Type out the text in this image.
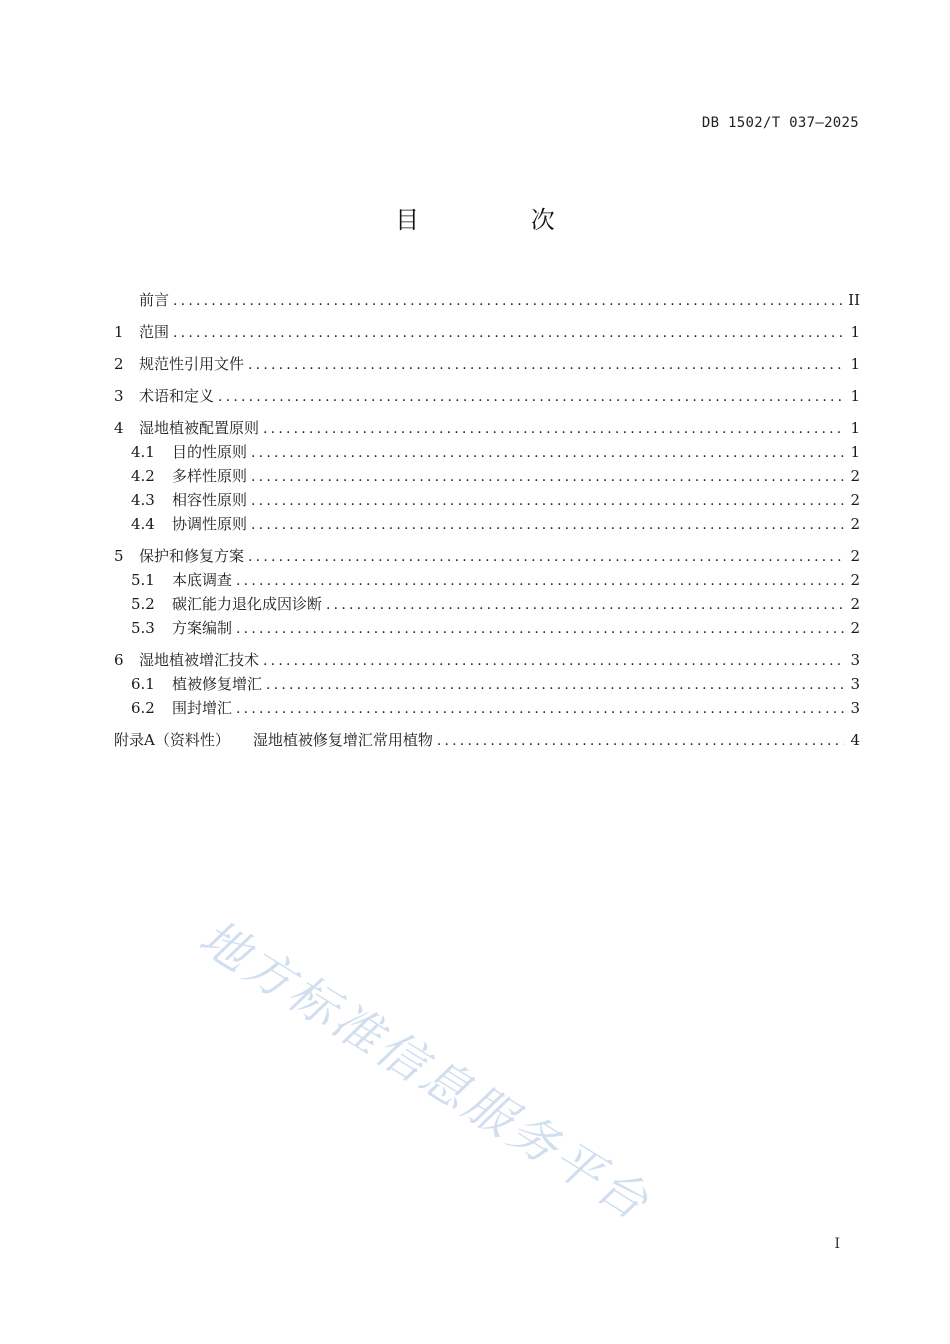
DB 1502/T 037—2025
目 次
前言 .....	II
1	范围 .....	1
2	规范性引用文件 .....	1
3	术语和定义 .....	1
4	湿地植被配置原则 .....	1
4.1	目的性原则 .....	1
4.2	多样性原则 .....	2
4.3	相容性原则 .....	2
4.4	协调性原则 .....	2
5	保护和修复方案 .....	2
5.1	本底调查 .....	2
5.2	碳汇能力退化成因诊断 .....	2
5.3	方案编制 .....	2
6	湿地植被增汇技术 .....	3
6.1	植被修复增汇 .....	3
6.2	围封增汇 .....	3
附录A（资料性） 湿地植被修复增汇常用植物 .....	4
地方标准信息服务平台
I
